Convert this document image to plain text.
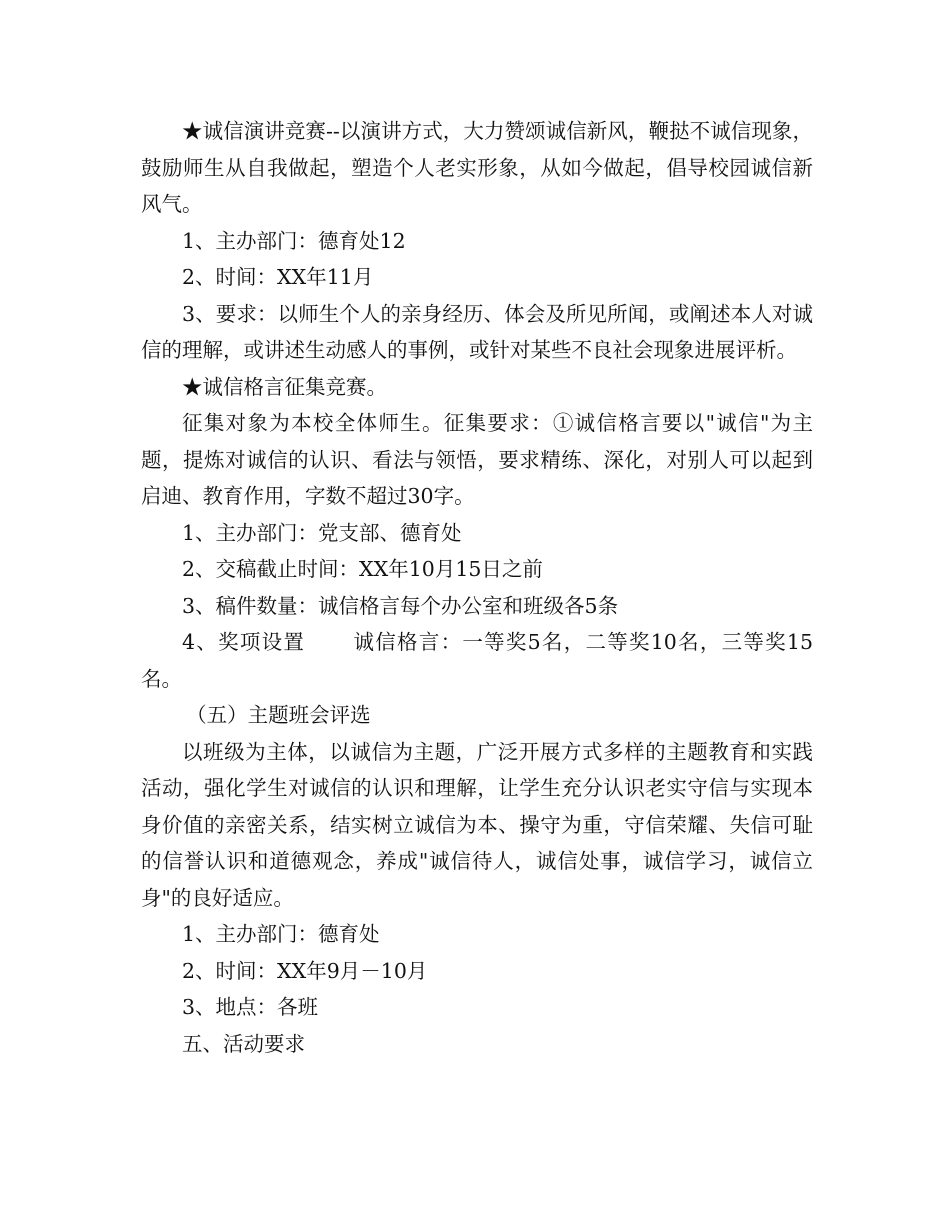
★诚信演讲竞赛--以演讲方式，大力赞颂诚信新风，鞭挞不诚信现象，鼓励师生从自我做起，塑造个人老实形象，从如今做起，倡导校园诚信新风气。

1、主办部门：德育处12

2、时间：XX年11月

3、要求：以师生个人的亲身经历、体会及所见所闻，或阐述本人对诚信的理解，或讲述生动感人的事例，或针对某些不良社会现象进展评析。

★诚信格言征集竞赛。

征集对象为本校全体师生。征集要求：①诚信格言要以"诚信"为主题，提炼对诚信的认识、看法与领悟，要求精练、深化，对别人可以起到启迪、教育作用，字数不超过30字。

1、主办部门：党支部、德育处

2、交稿截止时间：XX年10月15日之前

3、稿件数量：诚信格言每个办公室和班级各5条

4、奖项设置 诚信格言：一等奖5名，二等奖10名，三等奖15名。

（五）主题班会评选

以班级为主体，以诚信为主题，广泛开展方式多样的主题教育和实践活动，强化学生对诚信的认识和理解，让学生充分认识老实守信与实现本身价值的亲密关系，结实树立诚信为本、操守为重，守信荣耀、失信可耻的信誉认识和道德观念，养成"诚信待人，诚信处事，诚信学习，诚信立身"的良好适应。

1、主办部门：德育处

2、时间：XX年9月－10月

3、地点：各班

五、活动要求
